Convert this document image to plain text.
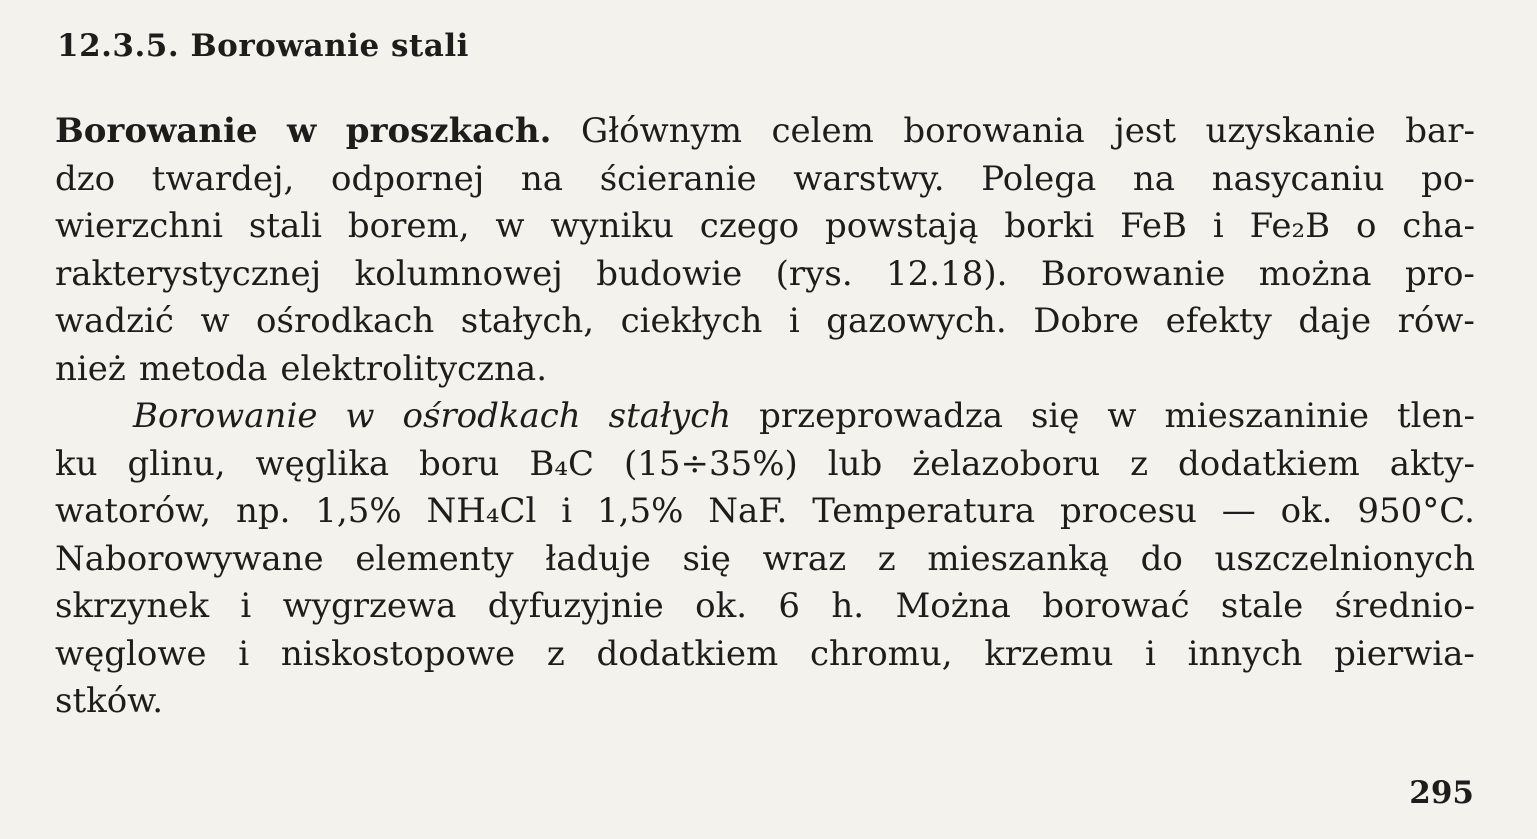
12.3.5. Borowanie stali
Borowanie w proszkach. Głównym celem borowania jest uzyskanie bar-
dzo twardej, odpornej na ścieranie warstwy. Polega na nasycaniu po-
wierzchni stali borem, w wyniku czego powstają borki FeB i Fe₂B o cha-
rakterystycznej kolumnowej budowie (rys. 12.18). Borowanie można pro-
wadzić w ośrodkach stałych, ciekłych i gazowych. Dobre efekty daje rów-
nież metoda elektrolityczna.
Borowanie w ośrodkach stałych przeprowadza się w mieszaninie tlen-
ku glinu, węglika boru B₄C (15÷35%) lub żelazoboru z dodatkiem akty-
watorów, np. 1,5% NH₄Cl i 1,5% NaF. Temperatura procesu — ok. 950°C.
Naborowywane elementy ładuje się wraz z mieszanką do uszczelnionych
skrzynek i wygrzewa dyfuzyjnie ok. 6 h. Można borować stale średnio-
węglowe i niskostopowe z dodatkiem chromu, krzemu i innych pierwia-
stków.
295
